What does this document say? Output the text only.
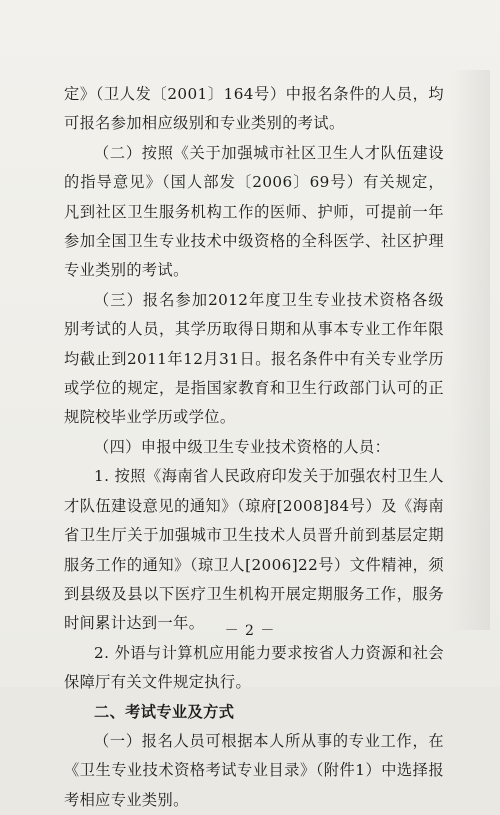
定》（卫人发〔2001〕164号）中报名条件的人员，均可报名参加相应级别和专业类别的考试。

（二）按照《关于加强城市社区卫生人才队伍建设的指导意见》（国人部发〔2006〕69号）有关规定，凡到社区卫生服务机构工作的医师、护师，可提前一年参加全国卫生专业技术中级资格的全科医学、社区护理专业类别的考试。

（三）报名参加2012年度卫生专业技术资格各级别考试的人员，其学历取得日期和从事本专业工作年限均截止到2011年12月31日。报名条件中有关专业学历或学位的规定，是指国家教育和卫生行政部门认可的正规院校毕业学历或学位。

（四）申报中级卫生专业技术资格的人员：

1. 按照《海南省人民政府印发关于加强农村卫生人才队伍建设意见的通知》（琼府[2008]84号）及《海南省卫生厅关于加强城市卫生技术人员晋升前到基层定期服务工作的通知》（琼卫人[2006]22号）文件精神，须到县级及县以下医疗卫生机构开展定期服务工作，服务时间累计达到一年。

2. 外语与计算机应用能力要求按省人力资源和社会保障厅有关文件规定执行。

二、考试专业及方式

（一）报名人员可根据本人所从事的专业工作，在《卫生专业技术资格考试专业目录》（附件1）中选择报考相应专业类别。

－ 2 －
